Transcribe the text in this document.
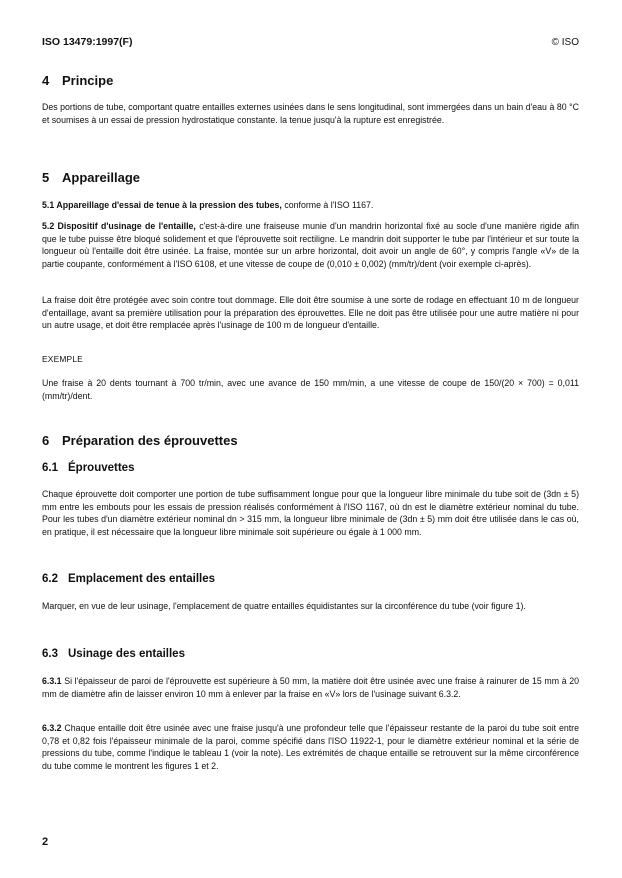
ISO 13479:1997(F)	© ISO
4 Principe

Des portions de tube, comportant quatre entailles externes usinées dans le sens longitudinal, sont immergées dans un bain d'eau à 80 °C et soumises à un essai de pression hydrostatique constante. la tenue jusqu'à la rupture est enregistrée.

5 Appareillage

5.1 Appareillage d'essai de tenue à la pression des tubes, conforme à l'ISO 1167.

5.2 Dispositif d'usinage de l'entaille, c'est-à-dire une fraiseuse munie d'un mandrin horizontal fixé au socle d'une manière rigide afin que le tube puisse être bloqué solidement et que l'éprouvette soit rectiligne. Le mandrin doit supporter le tube par l'intérieur et sur toute la longueur où l'entaille doit être usinée. La fraise, montée sur un arbre horizontal, doit avoir un angle de 60°, y compris l'angle «V» de la partie coupante, conformément à l'ISO 6108, et une vitesse de coupe de (0,010 ± 0,002) (mm/tr)/dent (voir exemple ci-après).

La fraise doit être protégée avec soin contre tout dommage. Elle doit être soumise à une sorte de rodage en effectuant 10 m de longueur d'entaillage, avant sa première utilisation pour la préparation des éprouvettes. Elle ne doit pas être utilisée pour une autre matière ni pour un autre usage, et doit être remplacée après l'usinage de 100 m de longueur d'entaille.

EXEMPLE

Une fraise à 20 dents tournant à 700 tr/min, avec une avance de 150 mm/min, a une vitesse de coupe de 150/(20 × 700) = 0,011 (mm/tr)/dent.

6 Préparation des éprouvettes
6.1 Éprouvettes

Chaque éprouvette doit comporter une portion de tube suffisamment longue pour que la longueur libre minimale du tube soit de (3dn ± 5) mm entre les embouts pour les essais de pression réalisés conformément à l'ISO 1167, où dn est le diamètre extérieur nominal du tube. Pour les tubes d'un diamètre extérieur nominal dn > 315 mm, la longueur libre minimale de (3dn ± 5) mm doit être utilisée dans le cas où, en pratique, il est nécessaire que la longueur libre minimale soit supérieure ou égale à 1 000 mm.

6.2 Emplacement des entailles

Marquer, en vue de leur usinage, l'emplacement de quatre entailles équidistantes sur la circonférence du tube (voir figure 1).

6.3 Usinage des entailles

6.3.1 Si l'épaisseur de paroi de l'éprouvette est supérieure à 50 mm, la matière doit être usinée avec une fraise à rainurer de 15 mm à 20 mm de diamètre afin de laisser environ 10 mm à enlever par la fraise en «V» lors de l'usinage suivant 6.3.2.

6.3.2 Chaque entaille doit être usinée avec une fraise jusqu'à une profondeur telle que l'épaisseur restante de la paroi du tube soit entre 0,78 et 0,82 fois l'épaisseur minimale de la paroi, comme spécifié dans l'ISO 11922-1, pour le diamètre extérieur nominal et la série de pressions du tube, comme l'indique le tableau 1 (voir la note). Les extrémités de chaque entaille se retrouvent sur la même circonférence du tube comme le montrent les figures 1 et 2.

2
